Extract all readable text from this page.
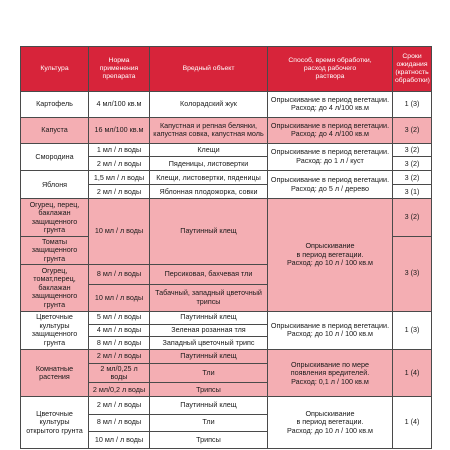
Культура	Норма
применения
препарата	Вредный объект	Способ, время обработки,
расход рабочего
раствора	Сроки
ожидания
(кратность
обработки)
Картофель	4 мл/100 кв.м	Колорадский жук	Опрыскивание в период вегетации.
Расход: до 4 л/100 кв.м	1 (3)
Капуста	16 мл/100 кв.м	Капустная и репная белянки,
капустная совка, капустная моль	Опрыскивание в период вегетации.
Расход: до 4 л/100 кв.м	3 (2)
Смородина	1 мл / л воды	Клещи	Опрыскивание в период вегетации.
Расход: до 1 л / куст	3 (2)
	2 мл / л воды	Пяденицы, листовертки		3 (2)
Яблоня	1,5 мл / л воды	Клещи, листовертки, пяденицы	Опрыскивание в период вегетации.
Расход: до 5 л / дерево	3 (2)
	2 мл / л воды	Яблонная плодожорка, совки		3 (1)
Огурец, перец,
баклажан
защищенного грунта	10 мл / л воды	Паутинный клещ	Опрыскивание
в период вегетации.
Расход: до 10 л / 100 кв.м	3 (2)
Томаты
защищенного грунта				3 (3)
Огурец, томат,перец,
баклажан
защищенного грунта	8 мл / л воды	Персиковая, бахчевая тли		
	10 мл / л воды	Табачный, западный цветочный
трипсы		
Цветочные
культуры
защищенного грунта	5 мл / л воды	Паутинный клещ	Опрыскивание в период вегетации.
Расход: до 10 л / 100 кв.м	1 (3)
	4 мл / л воды	Зеленая розанная тля		
	8 мл / л воды	Западный цветочный трипс		
Комнатные
растения	2 мл / л воды	Паутинный клещ	Опрыскивание по мере
появления вредителей.
Расход: 0,1 л / 100 кв.м	1 (4)
	2 мл/0,25 л воды	Тли		
	2 мл/0,2 л воды	Трипсы		
Цветочные
культуры
открытого грунта	2 мл / л воды	Паутинный клещ	Опрыскивание
в период вегетации.
Расход: до 10 л / 100 кв.м	1 (4)
	8 мл / л воды	Тли		
	10 мл / л воды	Трипсы		
